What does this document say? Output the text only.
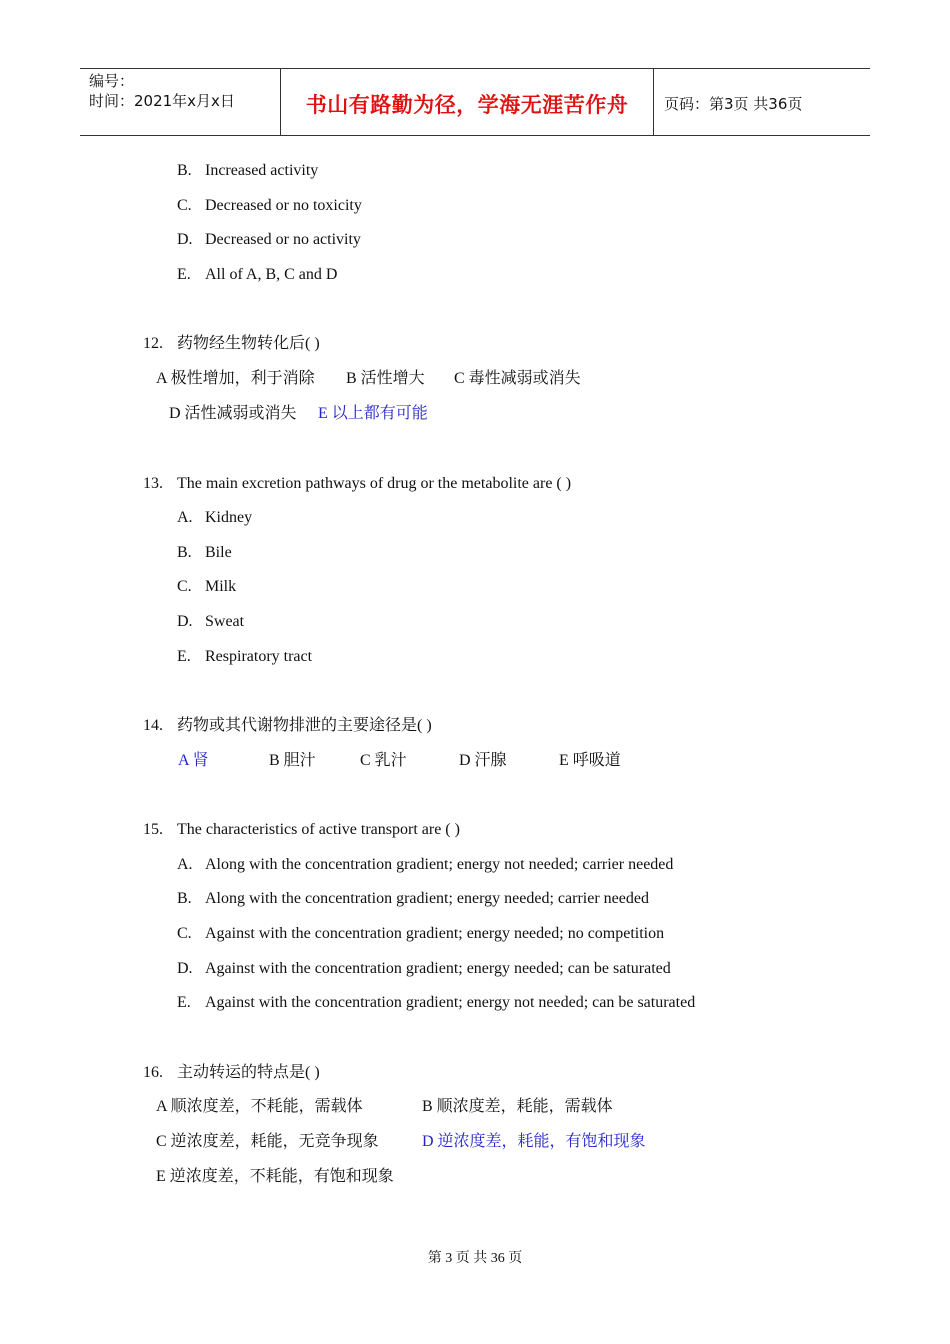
编号：
时间：2021年x月x日	书山有路勤为径，学海无涯苦作舟	页码：第3页 共36页
B. Increased activity
C. Decreased or no toxicity
D. Decreased or no activity
E. All of A, B, C and D
12. 药物经生物转化后( )
A 极性增加，利于消除 B 活性增大 C 毒性减弱或消失
D 活性减弱或消失 E 以上都有可能
13. The main excretion pathways of drug or the metabolite are ( )
A. Kidney
B. Bile
C. Milk
D. Sweat
E. Respiratory tract
14. 药物或其代谢物排泄的主要途径是( )
A 肾	B 胆汁	C 乳汁	D 汗腺	E 呼吸道
15. The characteristics of active transport are ( )
A. Along with the concentration gradient; energy not needed; carrier needed
B. Along with the concentration gradient; energy needed; carrier needed
C. Against with the concentration gradient; energy needed; no competition
D. Against with the concentration gradient; energy needed; can be saturated
E. Against with the concentration gradient; energy not needed; can be saturated
16. 主动转运的特点是( )
A 顺浓度差，不耗能，需载体	B 顺浓度差，耗能，需载体
C 逆浓度差，耗能，无竞争现象	D 逆浓度差，耗能，有饱和现象
E 逆浓度差，不耗能，有饱和现象
第 3 页 共 36 页
